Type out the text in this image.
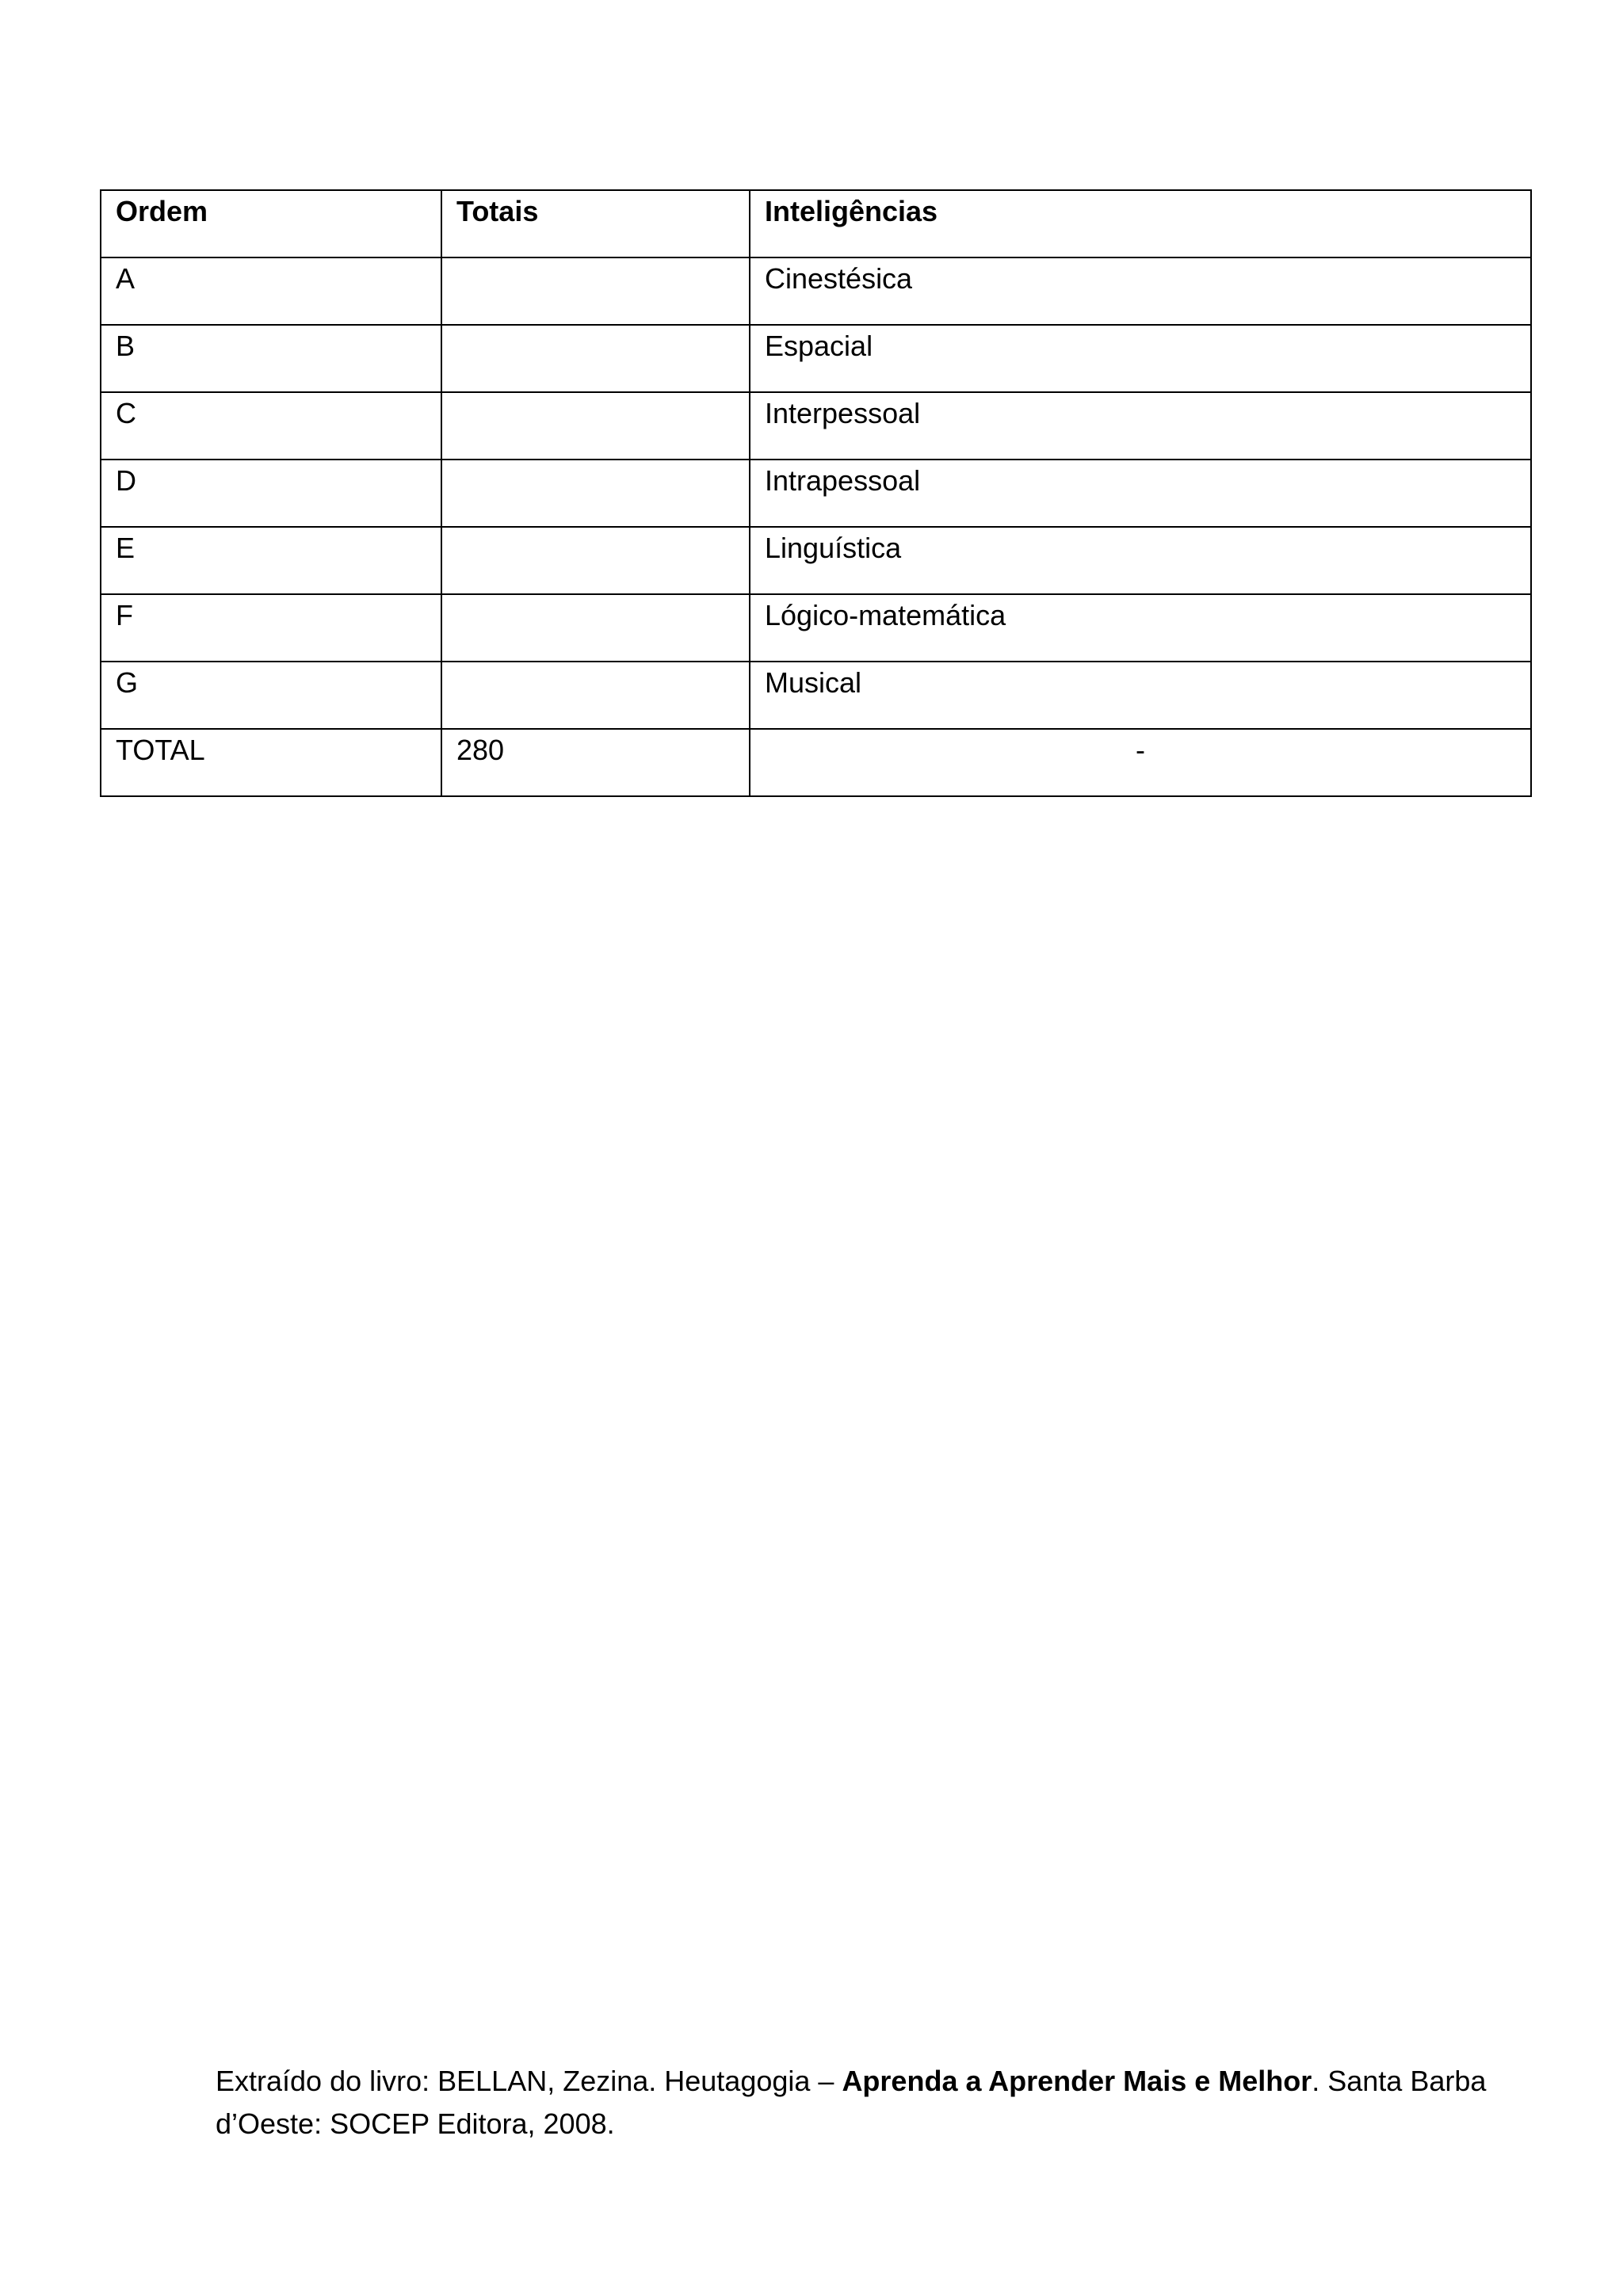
Ordem	Totais	Inteligências

A		Cinestésica

B		Espacial

C		Interpessoal

D		Intrapessoal

E		Linguística

F		Lógico-matemática

G		Musical

TOTAL	280	-
Extraído do livro: BELLAN, Zezina. Heutagogia – Aprenda a Aprender Mais e Melhor. Santa Barba
d’Oeste: SOCEP Editora, 2008.
